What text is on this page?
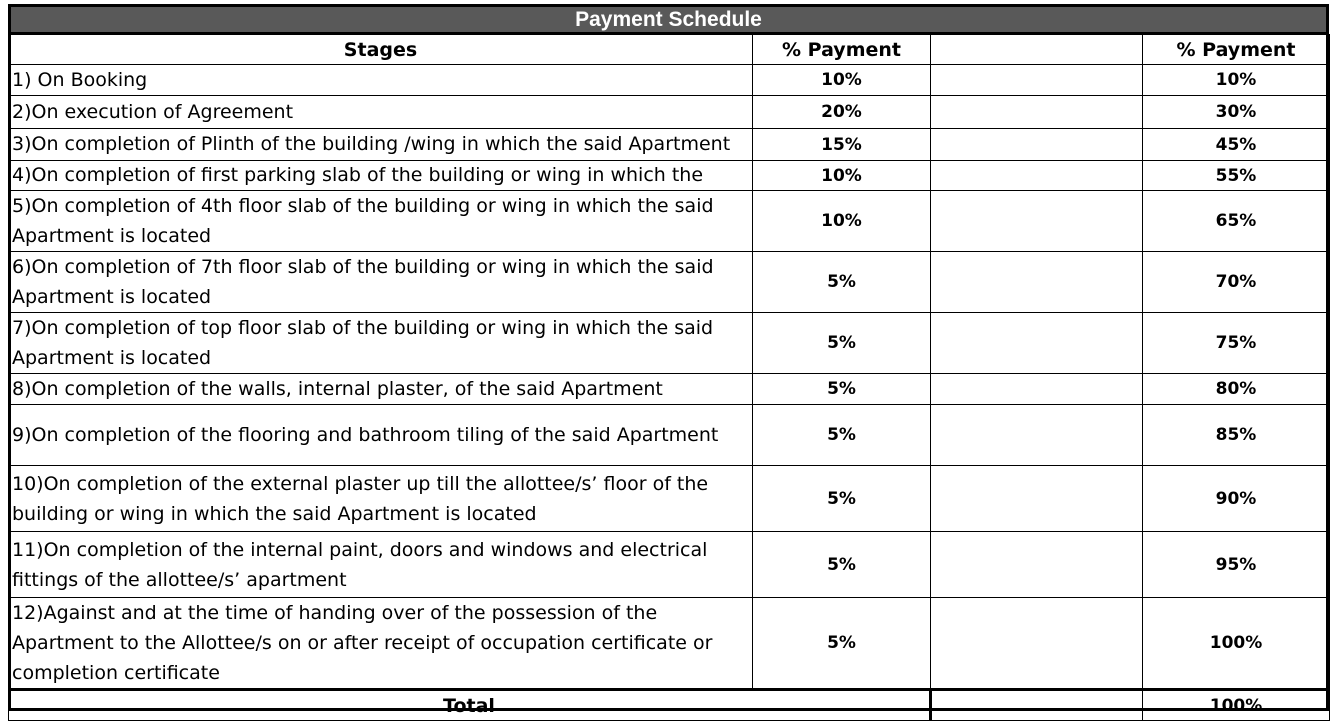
Payment Schedule
Stages	% Payment		% Payment

1) On Booking	10%		10%

2)On execution of Agreement	20%		30%

3)On completion of Plinth of the building /wing in which the said Apartment	15%		45%

4)On completion of first parking slab of the building or wing in which the	10%		55%

5)On completion of 4th floor slab of the building or wing in which the said
Apartment is located	10%		65%

6)On completion of 7th floor slab of the building or wing in which the said
Apartment is located	5%		70%

7)On completion of top floor slab of the building or wing in which the said
Apartment is located	5%		75%

8)On completion of the walls, internal plaster, of the said Apartment	5%		80%

9)On completion of the flooring and bathroom tiling of the said Apartment	5%		85%

10)On completion of the external plaster up till the allottee/s’ floor of the
building or wing in which the said Apartment is located	5%		90%

11)On completion of the internal paint, doors and windows and electrical
fittings of the allottee/s’ apartment	5%		95%

12)Against and at the time of handing over of the possession of the
Apartment to the Allottee/s on or after receipt of occupation certificate or
completion certificate	5%		100%
Total			100%
